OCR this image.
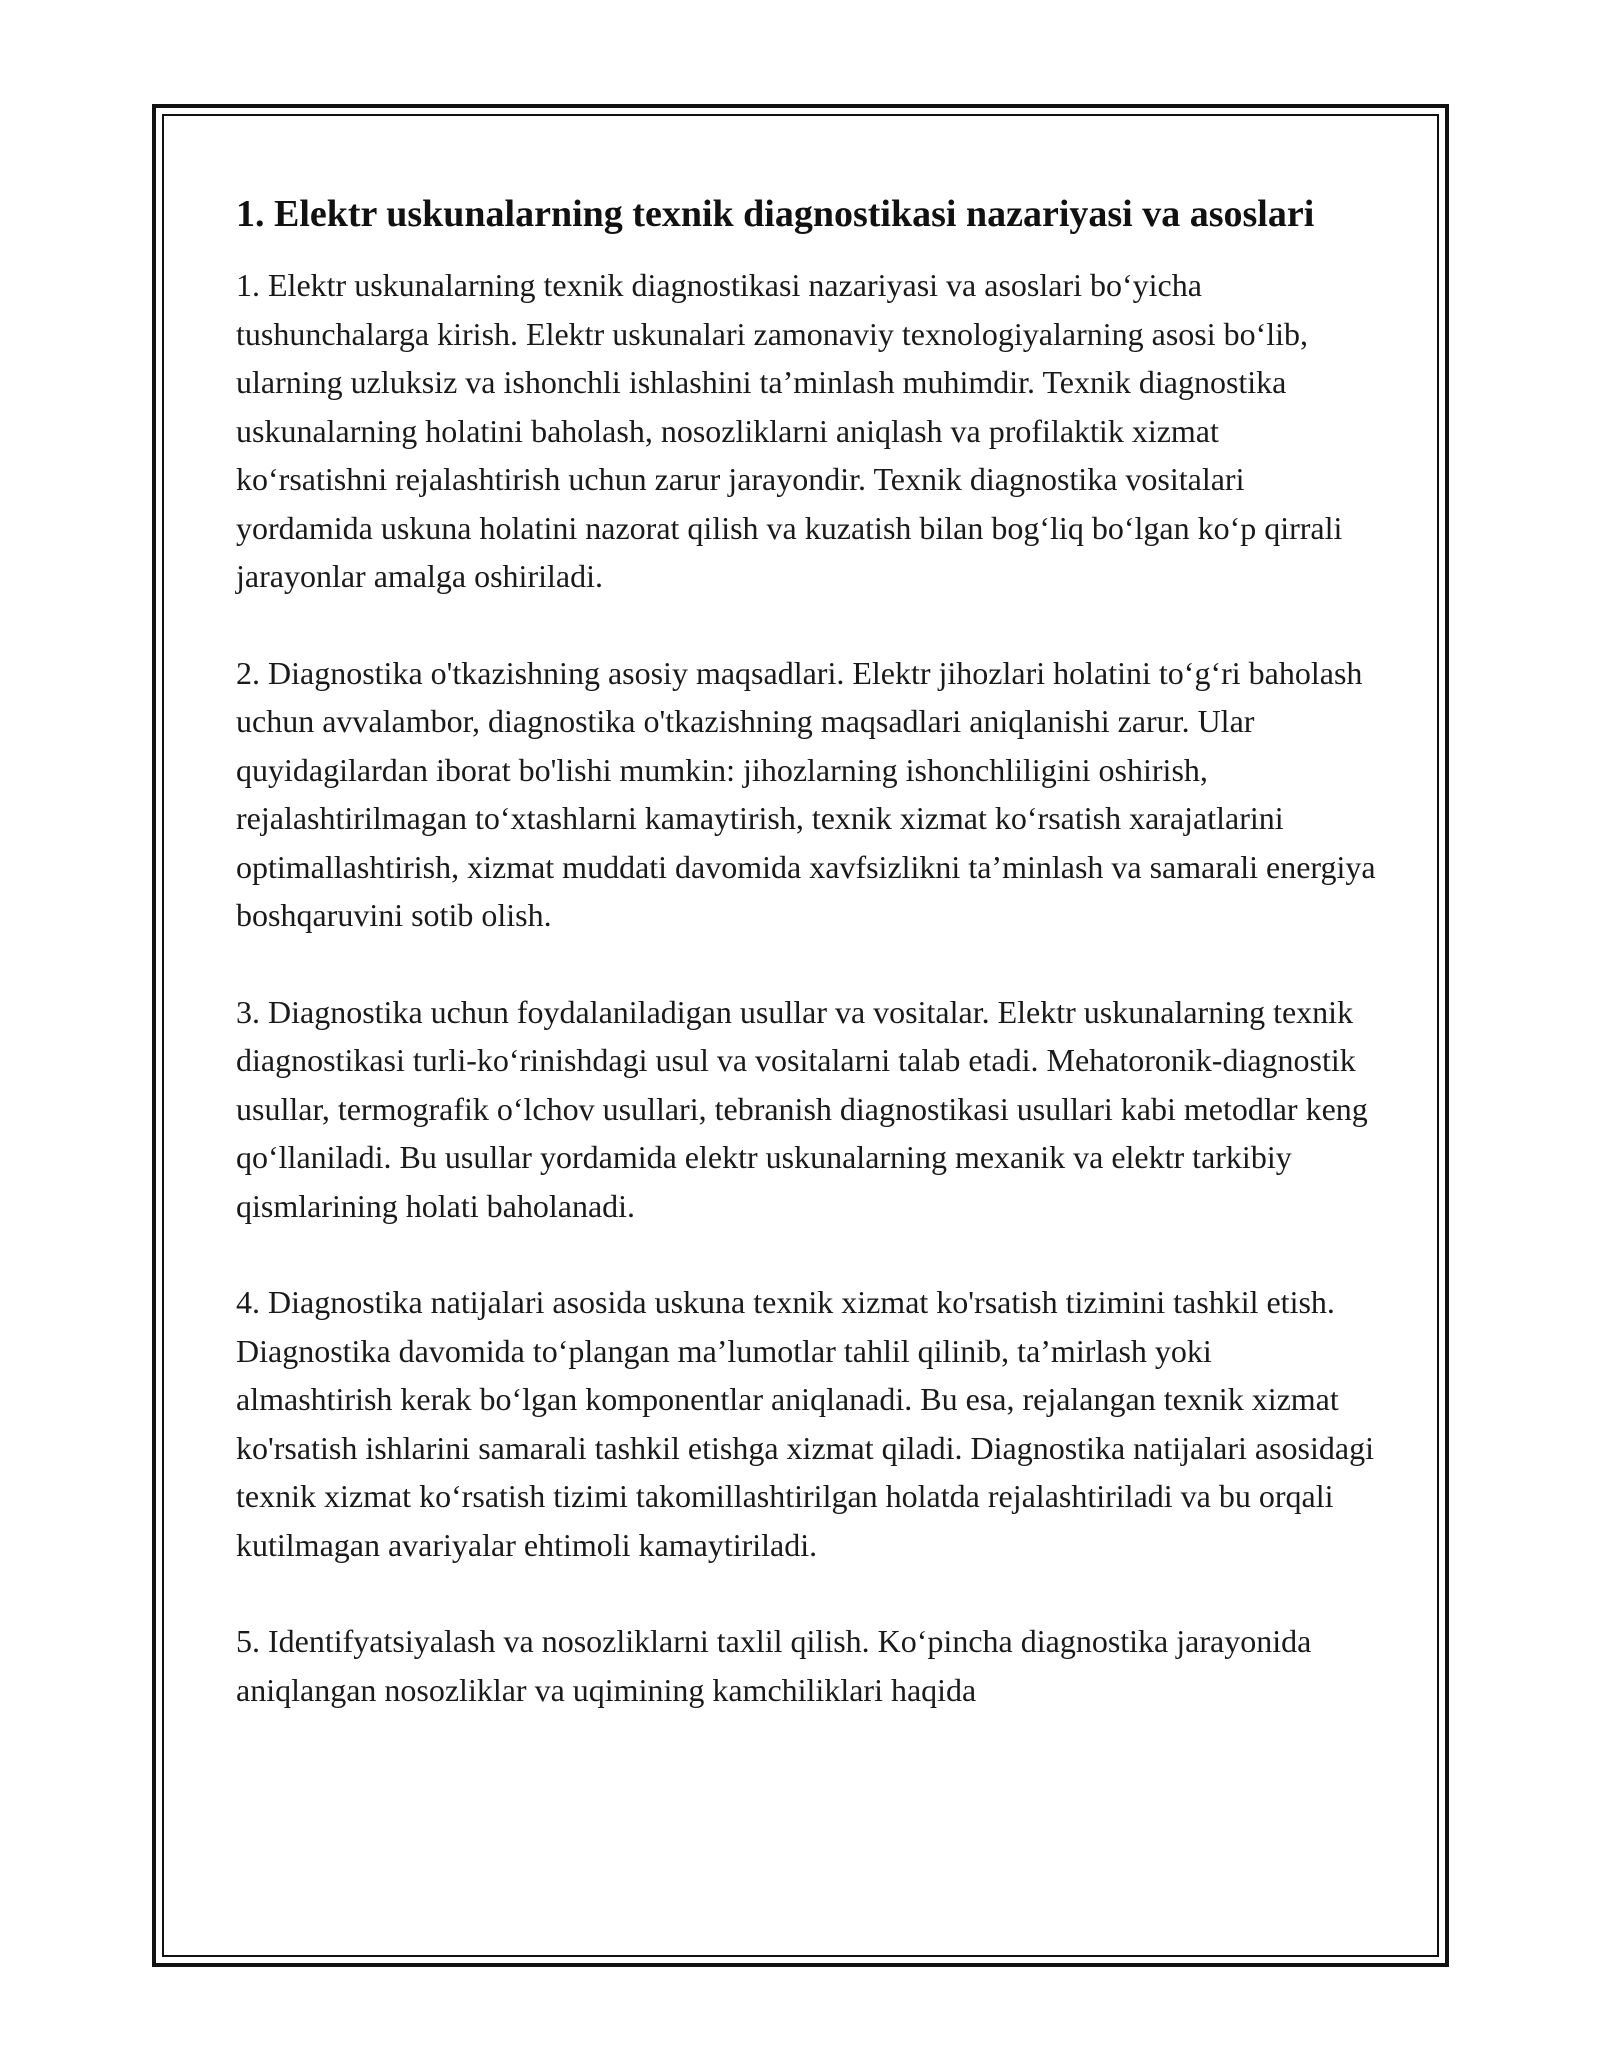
1. Elektr uskunalarning texnik diagnostikasi nazariyasi va asoslari

1. Elektr uskunalarning texnik diagnostikasi nazariyasi va asoslari bo‘yicha tushunchalarga kirish. Elektr uskunalari zamonaviy texnologiyalarning asosi bo‘lib, ularning uzluksiz va ishonchli ishlashini ta’minlash muhimdir. Texnik diagnostika uskunalarning holatini baholash, nosozliklarni aniqlash va profilaktik xizmat ko‘rsatishni rejalashtirish uchun zarur jarayondir. Texnik diagnostika vositalari yordamida uskuna holatini nazorat qilish va kuzatish bilan bog‘liq bo‘lgan ko‘p qirrali jarayonlar amalga oshiriladi.

2. Diagnostika o'tkazishning asosiy maqsadlari. Elektr jihozlari holatini to‘g‘ri baholash uchun avvalambor, diagnostika o'tkazishning maqsadlari aniqlanishi zarur. Ular quyidagilardan iborat bo'lishi mumkin: jihozlarning ishonchliligini oshirish, rejalashtirilmagan to‘xtashlarni kamaytirish, texnik xizmat ko‘rsatish xarajatlarini optimallashtirish, xizmat muddati davomida xavfsizlikni ta’minlash va samarali energiya boshqaruvini sotib olish.

3. Diagnostika uchun foydalaniladigan usullar va vositalar. Elektr uskunalarning texnik diagnostikasi turli-ko‘rinishdagi usul va vositalarni talab etadi. Mehatoronik-diagnostik usullar, termografik o‘lchov usullari, tebranish diagnostikasi usullari kabi metodlar keng qo‘llaniladi. Bu usullar yordamida elektr uskunalarning mexanik va elektr tarkibiy qismlarining holati baholanadi.

4. Diagnostika natijalari asosida uskuna texnik xizmat ko'rsatish tizimini tashkil etish. Diagnostika davomida to‘plangan ma’lumotlar tahlil qilinib, ta’mirlash yoki almashtirish kerak bo‘lgan komponentlar aniqlanadi. Bu esa, rejalangan texnik xizmat ko'rsatish ishlarini samarali tashkil etishga xizmat qiladi. Diagnostika natijalari asosidagi texnik xizmat ko‘rsatish tizimi takomillashtirilgan holatda rejalashtiriladi va bu orqali kutilmagan avariyalar ehtimoli kamaytiriladi.

5. Identifyatsiyalash va nosozliklarni taxlil qilish. Ko‘pincha diagnostika jarayonida aniqlangan nosozliklar va uqimining kamchiliklari haqida
